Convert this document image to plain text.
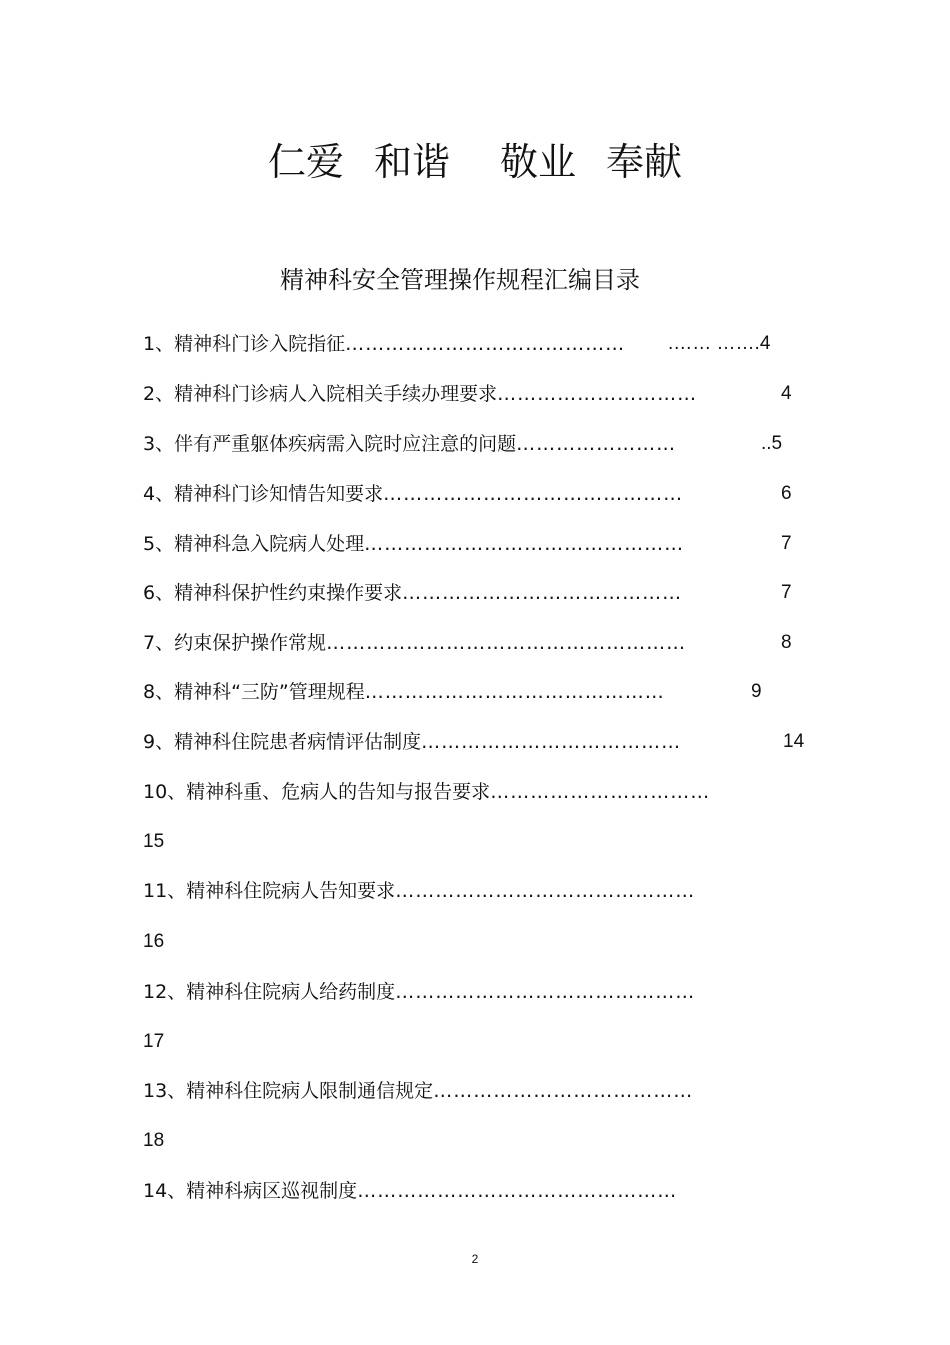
仁爱 和谐 敬业 奉献
精神科安全管理操作规程汇编目录
1、精神科门诊入院指征…………………………………… .…… …….4
2、精神科门诊病人入院相关手续办理要求…………………………	4
3、伴有严重躯体疾病需入院时应注意的问题……………………	..5
4、精神科门诊知情告知要求………………………………………	6
5、精神科急入院病人处理…………………………………………	7
6、精神科保护性约束操作要求……………………………………	7
7、约束保护操作常规………………………………………………	8
8、精神科“三防”管理规程………………………………………	9
9、精神科住院患者病情评估制度…………………………………	14
10、精神科重、危病人的告知与报告要求……………………………
15
11、精神科住院病人告知要求………………………………………
16
12、精神科住院病人给药制度………………………………………
17
13、精神科住院病人限制通信规定…………………………………
18
14、精神科病区巡视制度…………………………………………
2
